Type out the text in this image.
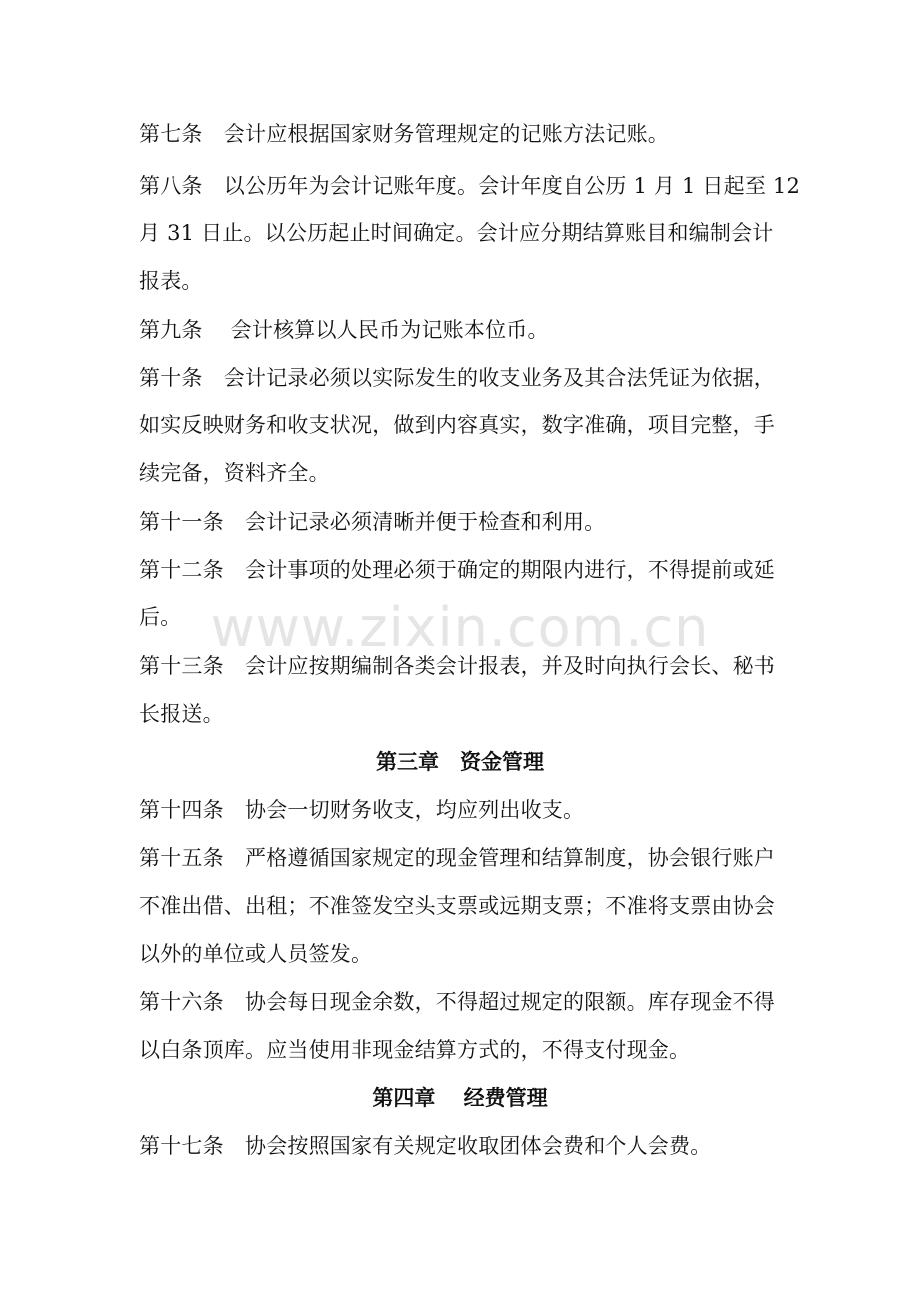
第七条　会计应根据国家财务管理规定的记账方法记账。
第八条　以公历年为会计记账年度。会计年度自公历 1 月 1 日起至 12
月 31 日止。以公历起止时间确定。会计应分期结算账目和编制会计
报表。
第九条　 会计核算以人民币为记账本位币。
第十条　会计记录必须以实际发生的收支业务及其合法凭证为依据，
如实反映财务和收支状况，做到内容真实，数字准确，项目完整，手
续完备，资料齐全。
第十一条　会计记录必须清晰并便于检查和利用。
第十二条　会计事项的处理必须于确定的期限内进行，不得提前或延
后。
第十三条　会计应按期编制各类会计报表，并及时向执行会长、秘书
长报送。
第三章　资金管理
第十四条　协会一切财务收支，均应列出收支。
第十五条　严格遵循国家规定的现金管理和结算制度，协会银行账户
不准出借、出租；不准签发空头支票或远期支票；不准将支票由协会
以外的单位或人员签发。
第十六条　协会每日现金余数，不得超过规定的限额。库存现金不得
以白条顶库。应当使用非现金结算方式的，不得支付现金。
第四章　 经费管理
第十七条　协会按照国家有关规定收取团体会费和个人会费。
www.zixin.com.cn
